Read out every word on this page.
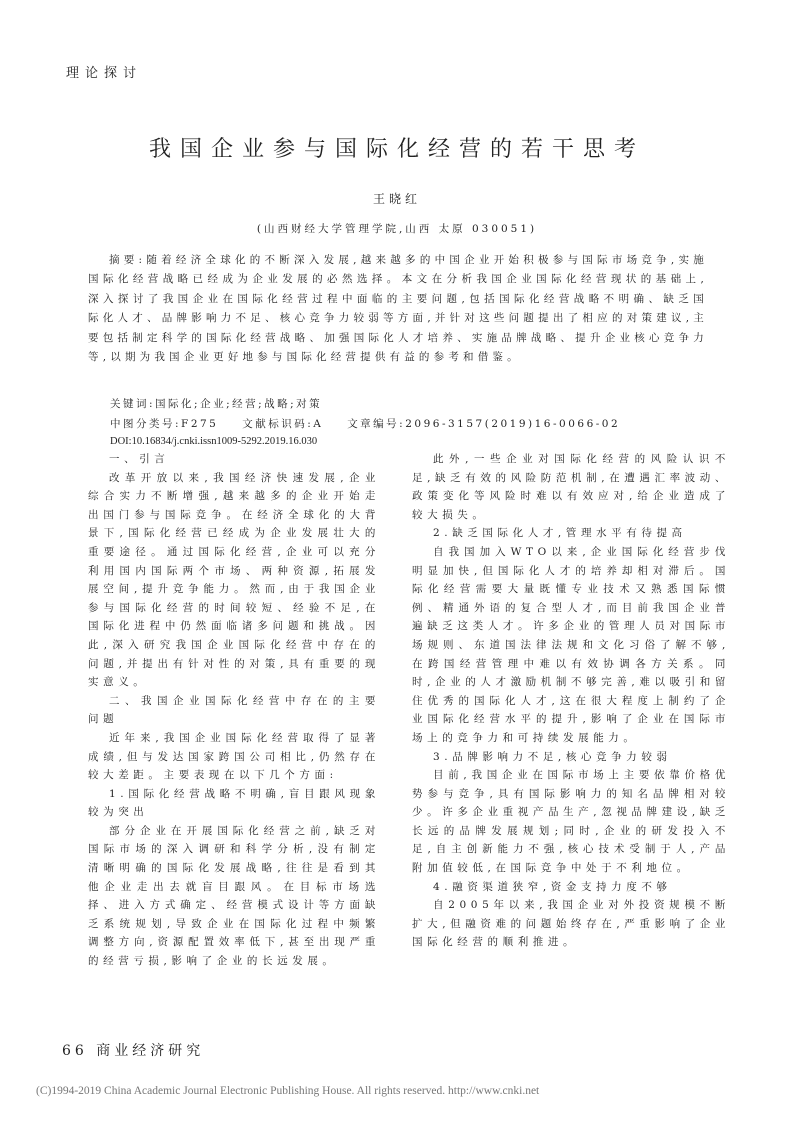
理论探讨
我国企业参与国际化经营的若干思考
王晓红
(山西财经大学管理学院,山西 太原 030051)
摘要:随着经济全球化的不断深入发展,越来越多的中国企业开始积极参与国际市场竞争,实施国际化经营战略已经成为企业发展的必然选择。本文在分析我国企业国际化经营现状的基础上,深入探讨了我国企业在国际化经营过程中面临的主要问题,包括国际化经营战略不明确、缺乏国际化人才、品牌影响力不足、核心竞争力较弱等方面,并针对这些问题提出了相应的对策建议,主要包括制定科学的国际化经营战略、加强国际化人才培养、实施品牌战略、提升企业核心竞争力等,以期为我国企业更好地参与国际化经营提供有益的参考和借鉴。
关键词:国际化;企业;经营;战略;对策
中图分类号:F275 文献标识码:A 文章编号:2096-3157(2019)16-0066-02
DOI:10.16834/j.cnki.issn1009-5292.2019.16.030
一、引言

改革开放以来,我国经济快速发展,企业综合实力不断增强,越来越多的企业开始走出国门参与国际竞争。在经济全球化的大背景下,国际化经营已经成为企业发展壮大的重要途径。通过国际化经营,企业可以充分利用国内国际两个市场、两种资源,拓展发展空间,提升竞争能力。然而,由于我国企业参与国际化经营的时间较短、经验不足,在国际化进程中仍然面临诸多问题和挑战。因此,深入研究我国企业国际化经营中存在的问题,并提出有针对性的对策,具有重要的现实意义。

二、我国企业国际化经营中存在的主要问题

近年来,我国企业国际化经营取得了显著成绩,但与发达国家跨国公司相比,仍然存在较大差距。主要表现在以下几个方面:

1.国际化经营战略不明确,盲目跟风现象较为突出

部分企业在开展国际化经营之前,缺乏对国际市场的深入调研和科学分析,没有制定清晰明确的国际化发展战略,往往是看到其他企业走出去就盲目跟风。在目标市场选择、进入方式确定、经营模式设计等方面缺乏系统规划,导致企业在国际化过程中频繁调整方向,资源配置效率低下,甚至出现严重的经营亏损,影响了企业的长远发展。

此外,一些企业对国际化经营的风险认识不足,缺乏有效的风险防范机制,在遭遇汇率波动、政策变化等风险时难以有效应对,给企业造成了较大损失。

2.缺乏国际化人才,管理水平有待提高

自我国加入WTO以来,企业国际化经营步伐明显加快,但国际化人才的培养却相对滞后。国际化经营需要大量既懂专业技术又熟悉国际惯例、精通外语的复合型人才,而目前我国企业普遍缺乏这类人才。许多企业的管理人员对国际市场规则、东道国法律法规和文化习俗了解不够,在跨国经营管理中难以有效协调各方关系。同时,企业的人才激励机制不够完善,难以吸引和留住优秀的国际化人才,这在很大程度上制约了企业国际化经营水平的提升,影响了企业在国际市场上的竞争力和可持续发展能力。

3.品牌影响力不足,核心竞争力较弱

目前,我国企业在国际市场上主要依靠价格优势参与竞争,具有国际影响力的知名品牌相对较少。许多企业重视产品生产,忽视品牌建设,缺乏长远的品牌发展规划;同时,企业的研发投入不足,自主创新能力不强,核心技术受制于人,产品附加值较低,在国际竞争中处于不利地位。

4.融资渠道狭窄,资金支持力度不够

自2005年以来,我国企业对外投资规模不断扩大,但融资难的问题始终存在,严重影响了企业国际化经营的顺利推进。

66 商业经济研究
(C)1994-2019 China Academic Journal Electronic Publishing House. All rights reserved. http://www.cnki.net
